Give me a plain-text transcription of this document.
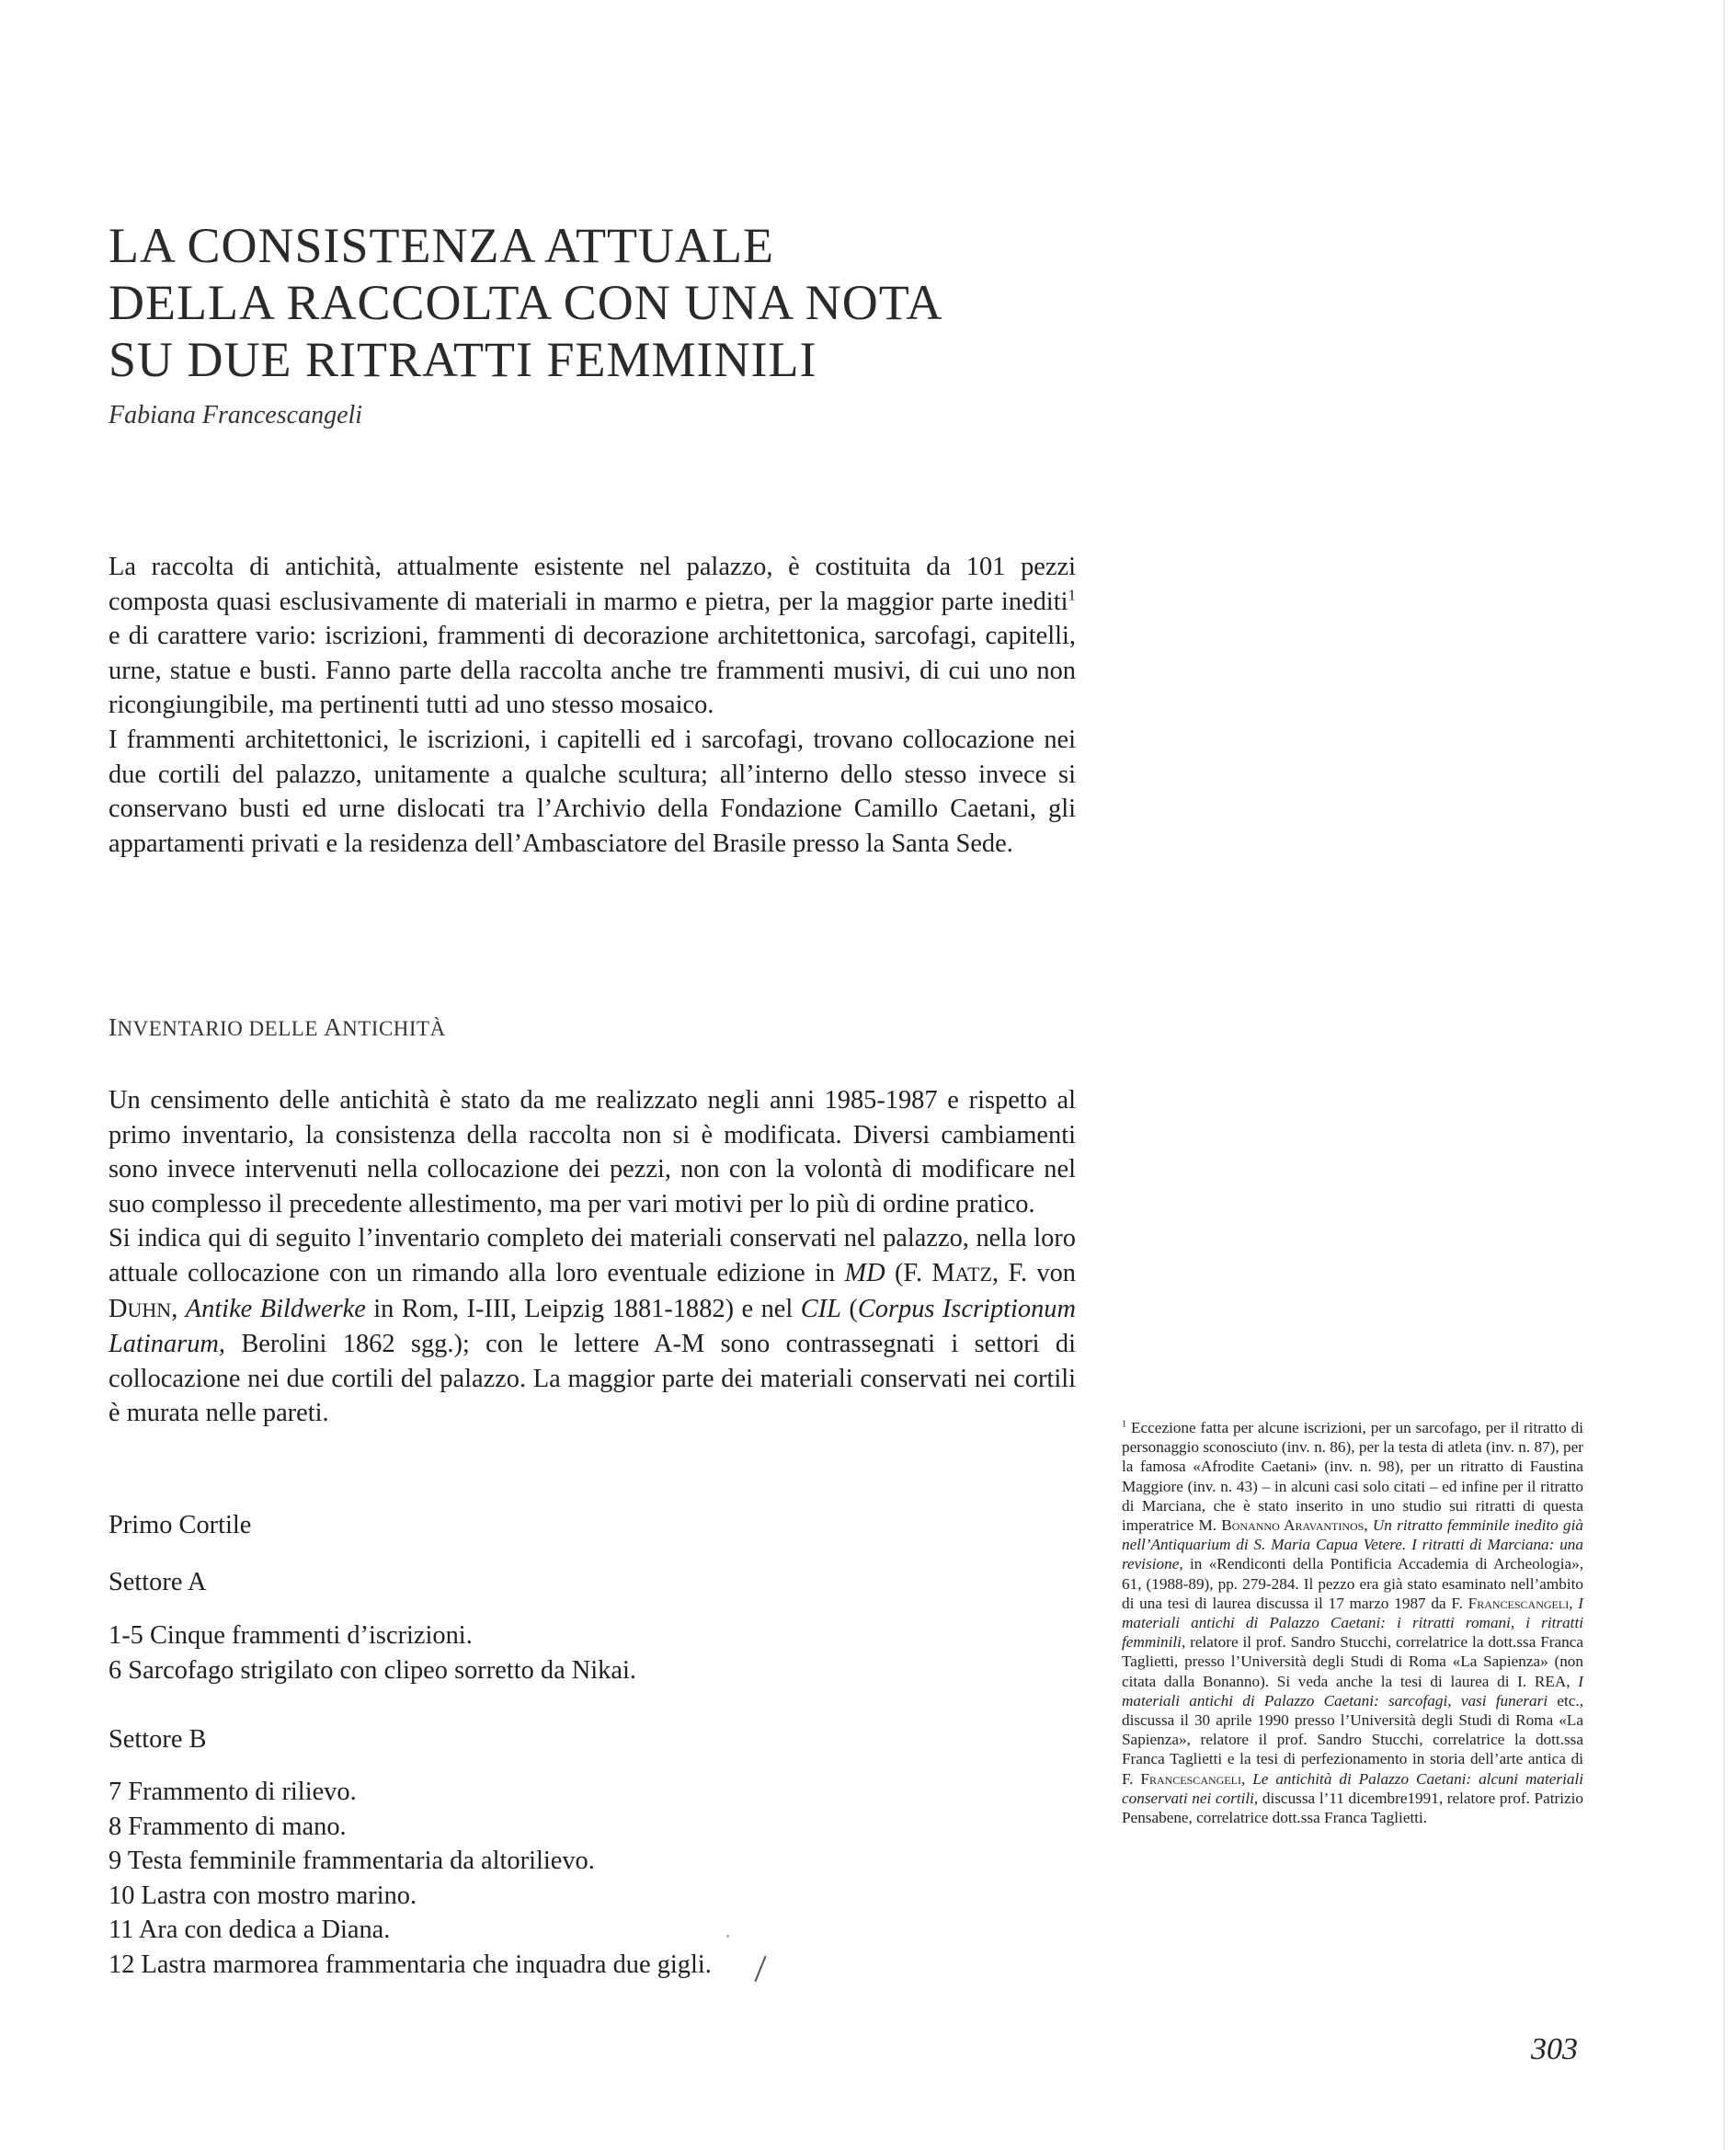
LA CONSISTENZA ATTUALE
DELLA RACCOLTA CON UNA NOTA
SU DUE RITRATTI FEMMINILI
Fabiana Francescangeli

La raccolta di antichità, attualmente esistente nel palazzo, è costituita da 101 pezzi composta quasi esclusivamente di materiali in marmo e pietra, per la maggior parte inediti$^1$ e di carattere vario: iscrizioni, frammenti di decorazione architettonica, sarcofagi, capitelli, urne, statue e busti. Fanno parte della raccolta anche tre frammenti musivi, di cui uno non ricongiungibile, ma pertinenti tutti ad uno stesso mosaico.

I frammenti architettonici, le iscrizioni, i capitelli ed i sarcofagi, trovano collocazione nei due cortili del palazzo, unitamente a qualche scultura; all’interno dello stesso invece si conservano busti ed urne dislocati tra l’Archivio della Fondazione Camillo Caetani, gli appartamenti privati e la residenza dell’Ambasciatore del Brasile presso la Santa Sede.

INVENTARIO DELLE ANTICHITÀ

Un censimento delle antichità è stato da me realizzato negli anni 1985-1987 e rispetto al primo inventario, la consistenza della raccolta non si è modificata. Diversi cambiamenti sono invece intervenuti nella collocazione dei pezzi, non con la volontà di modificare nel suo complesso il precedente allestimento, ma per vari motivi per lo più di ordine pratico.

Si indica qui di seguito l’inventario completo dei materiali conservati nel palazzo, nella loro attuale collocazione con un rimando alla loro eventuale edizione in MD (F. MATZ, F. von DUHN, Antike Bildwerke in Rom, I-III, Leipzig 1881-1882) e nel CIL (Corpus Iscriptionum Latinarum, Berolini 1862 sgg.); con le lettere A-M sono contrassegnati i settori di collocazione nei due cortili del palazzo. La maggior parte dei materiali conservati nei cortili è murata nelle pareti.

Primo Cortile
Settore A
1-5 Cinque frammenti d’iscrizioni.
6 Sarcofago strigilato con clipeo sorretto da Nikai.
Settore B
7 Frammento di rilievo.
8 Frammento di mano.
9 Testa femminile frammentaria da altorilievo.
10 Lastra con mostro marino.
11 Ara con dedica a Diana.
12 Lastra marmorea frammentaria che inquadra due gigli.

$^1$ Eccezione fatta per alcune iscrizioni, per un sarcofago, per il ritratto di personaggio sconosciuto (inv. n. 86), per la testa di atleta (inv. n. 87), per la famosa «Afrodite Caetani» (inv. n. 98), per un ritratto di Faustina Maggiore (inv. n. 43) – in alcuni casi solo citati – ed infine per il ritratto di Marciana, che è stato inserito in uno studio sui ritratti di questa imperatrice M. Bonanno Aravantinos, Un ritratto femminile inedito già nell’Antiquarium di S. Maria Capua Vetere. I ritratti di Marciana: una revisione, in «Rendiconti della Pontificia Accademia di Archeologia», 61, (1988-89), pp. 279-284. Il pezzo era già stato esaminato nell’ambito di una tesi di laurea discussa il 17 marzo 1987 da F. Francescangeli, I materiali antichi di Palazzo Caetani: i ritratti romani, i ritratti femminili, relatore il prof. Sandro Stucchi, correlatrice la dott.ssa Franca Taglietti, presso l’Università degli Studi di Roma «La Sapienza» (non citata dalla Bonanno). Si veda anche la tesi di laurea di I. REA, I materiali antichi di Palazzo Caetani: sarcofagi, vasi funerari etc., discussa il 30 aprile 1990 presso l’Università degli Studi di Roma «La Sapienza», relatore il prof. Sandro Stucchi, correlatrice la dott.ssa Franca Taglietti e la tesi di perfezionamento in storia dell’arte antica di F. Francescangeli, Le antichità di Palazzo Caetani: alcuni materiali conservati nei cortili, discussa l’11 dicembre1991, relatore prof. Patrizio Pensabene, correlatrice dott.ssa Franca Taglietti.

303
